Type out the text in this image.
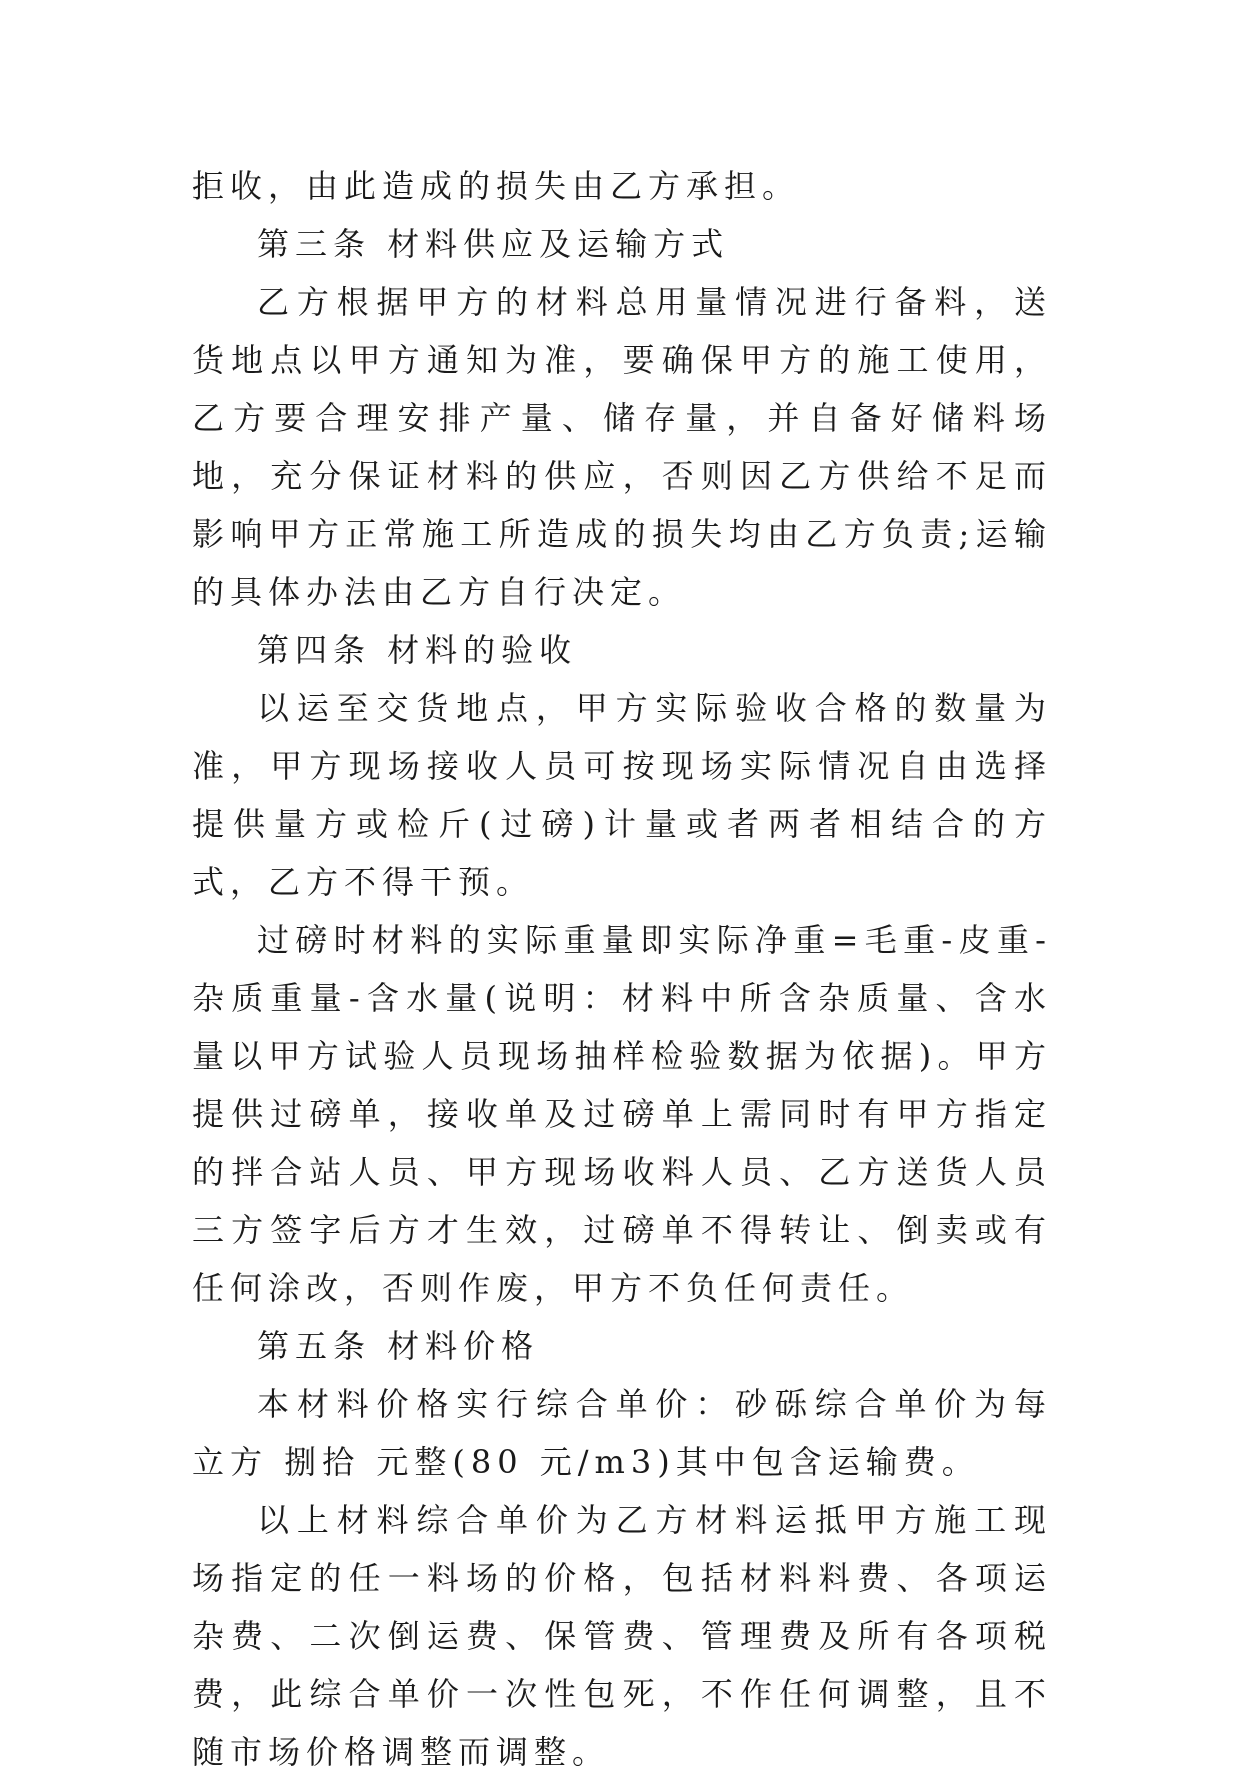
拒收，由此造成的损失由乙方承担。

第三条 材料供应及运输方式

乙方根据甲方的材料总用量情况进行备料，送货地点以甲方通知为准，要确保甲方的施工使用，乙方要合理安排产量、储存量，并自备好储料场地，充分保证材料的供应，否则因乙方供给不足而影响甲方正常施工所造成的损失均由乙方负责;运输的具体办法由乙方自行决定。

第四条 材料的验收

以运至交货地点，甲方实际验收合格的数量为准，甲方现场接收人员可按现场实际情况自由选择提供量方或检斤(过磅)计量或者两者相结合的方式，乙方不得干预。

过磅时材料的实际重量即实际净重=毛重-皮重-杂质重量-含水量(说明：材料中所含杂质量、含水量以甲方试验人员现场抽样检验数据为依据)。甲方提供过磅单，接收单及过磅单上需同时有甲方指定的拌合站人员、甲方现场收料人员、乙方送货人员三方签字后方才生效，过磅单不得转让、倒卖或有任何涂改，否则作废，甲方不负任何责任。

第五条 材料价格

本材料价格实行综合单价：砂砾综合单价为每立方 捌拾 元整(80 元/m3)其中包含运输费。

以上材料综合单价为乙方材料运抵甲方施工现场指定的任一料场的价格，包括材料料费、各项运杂费、二次倒运费、保管费、管理费及所有各项税费，此综合单价一次性包死，不作任何调整，且不随市场价格调整而调整。
